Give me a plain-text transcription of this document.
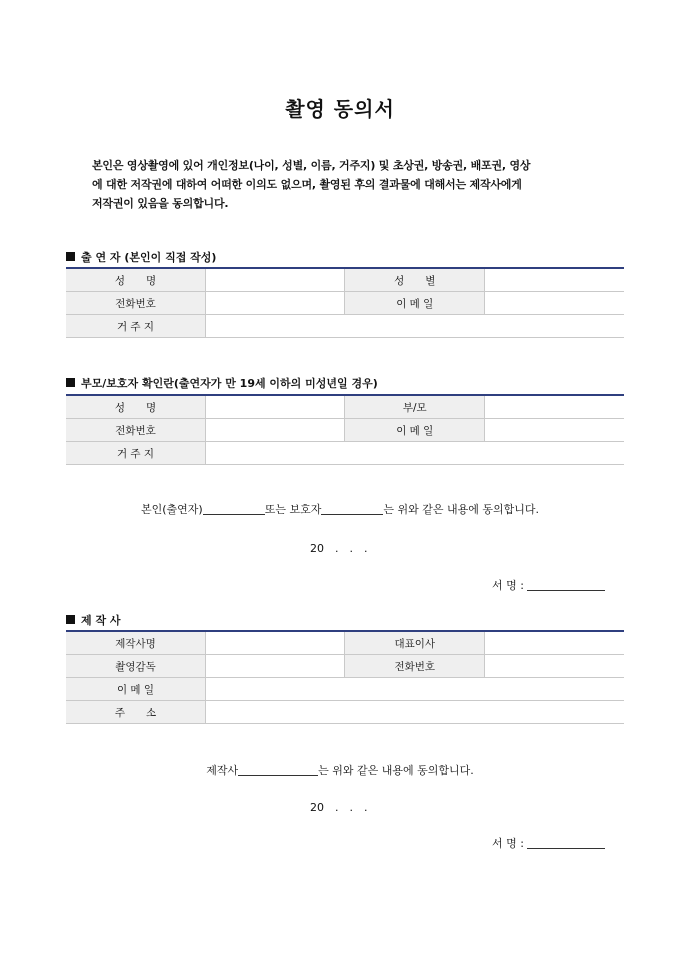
촬영 동의서
본인은 영상촬영에 있어 개인정보(나이, 성별, 이름, 거주지) 및 초상권, 방송권, 배포권, 영상
에 대한 저작권에 대하여 어떠한 이의도 없으며, 촬영된 후의 결과물에 대해서는 제작사에게
저작권이 있음을 동의합니다.
출 연 자 (본인이 직접 작성)
성　　명		성　　별	
전화번호		이 메 일	
거 주 지			
부모/보호자 확인란(출연자가 만 19세 이하의 미성년일 경우)
성　　명		부/모	
전화번호		이 메 일	
거 주 지			
본인(출연자)	또는 보호자	는 위와 같은 내용에 동의합니다.
20　.　.　.
서 명 :
제 작 사
제작사명		대표이사	
촬영감독		전화번호	
이 메 일			
주　　소			
제작사	는 위와 같은 내용에 동의합니다.
20　.　.　.
서 명 :
